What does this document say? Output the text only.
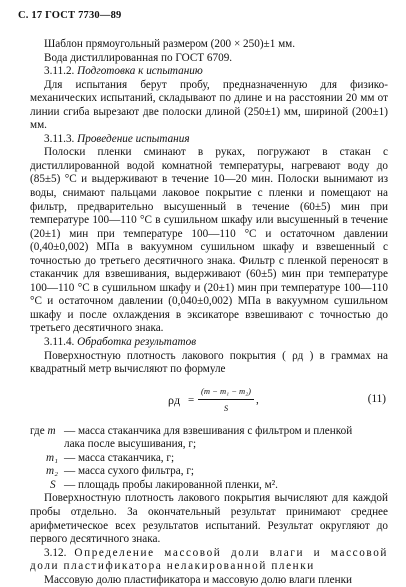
С. 17 ГОСТ 7730—89

Шаблон прямоугольный размером (200 × 250)±1 мм.

Вода дистиллированная по ГОСТ 6709.

3.11.2. Подготовка к испытанию

Для испытания берут пробу, предназначенную для физико-механических испытаний, складывают по длине и на расстоянии 20 мм от линии сгиба вырезают две полоски длиной (250±1) мм, шириной (200±1) мм.

3.11.3. Проведение испытания

Полоски пленки сминают в руках, погружают в стакан с дистиллированной водой комнатной температуры, нагревают воду до (85±5) °С и выдерживают в течение 10—20 мин. Полоски вынимают из воды, снимают пальцами лаковое покрытие с пленки и помещают на фильтр, предварительно высушенный в течение (60±5) мин при температуре 100—110 °С в сушильном шкафу или высушенный в течение (20±1) мин при температуре 100—110 °С и остаточном давлении (0,40±0,002) МПа в вакуумном сушильном шкафу и взвешенный с точностью до третьего десятичного знака. Фильтр с пленкой переносят в стаканчик для взвешивания, выдерживают (60±5) мин при температуре 100—110 °С в сушильном шкафу и (20±1) мин при температуре 100—110 °С и остаточном давлении (0,040±0,002) МПа в вакуумном сушильном шкафу и после охлаждения в эксикаторе взвешивают с точностью до третьего десятичного знака.

3.11.4. Обработка результатов

Поверхностную плотность лакового покрытия ( ρд ) в граммах на квадратный метр вычисляют по формуле

$\rho д = \frac{\text{(m − m₁ − m₂)}}{S}$ ,	(11)
где m — масса стаканчика для взвешивания с фильтром и пленкой
лака после высушивания, г;
m₁ — масса стаканчика, г;
m₂ — масса сухого фильтра, г;
S — площадь пробы лакированной пленки, м².

Поверхностную плотность лакового покрытия вычисляют для каждой пробы отдельно. За окончательный результат принимают среднее арифметическое всех результатов испытаний. Результат округляют до первого десятичного знака.

3.12. Определение массовой доли влаги и массовой доли пластификатора нелакированной пленки

Массовую долю пластификатора и массовую долю влаги пленки
